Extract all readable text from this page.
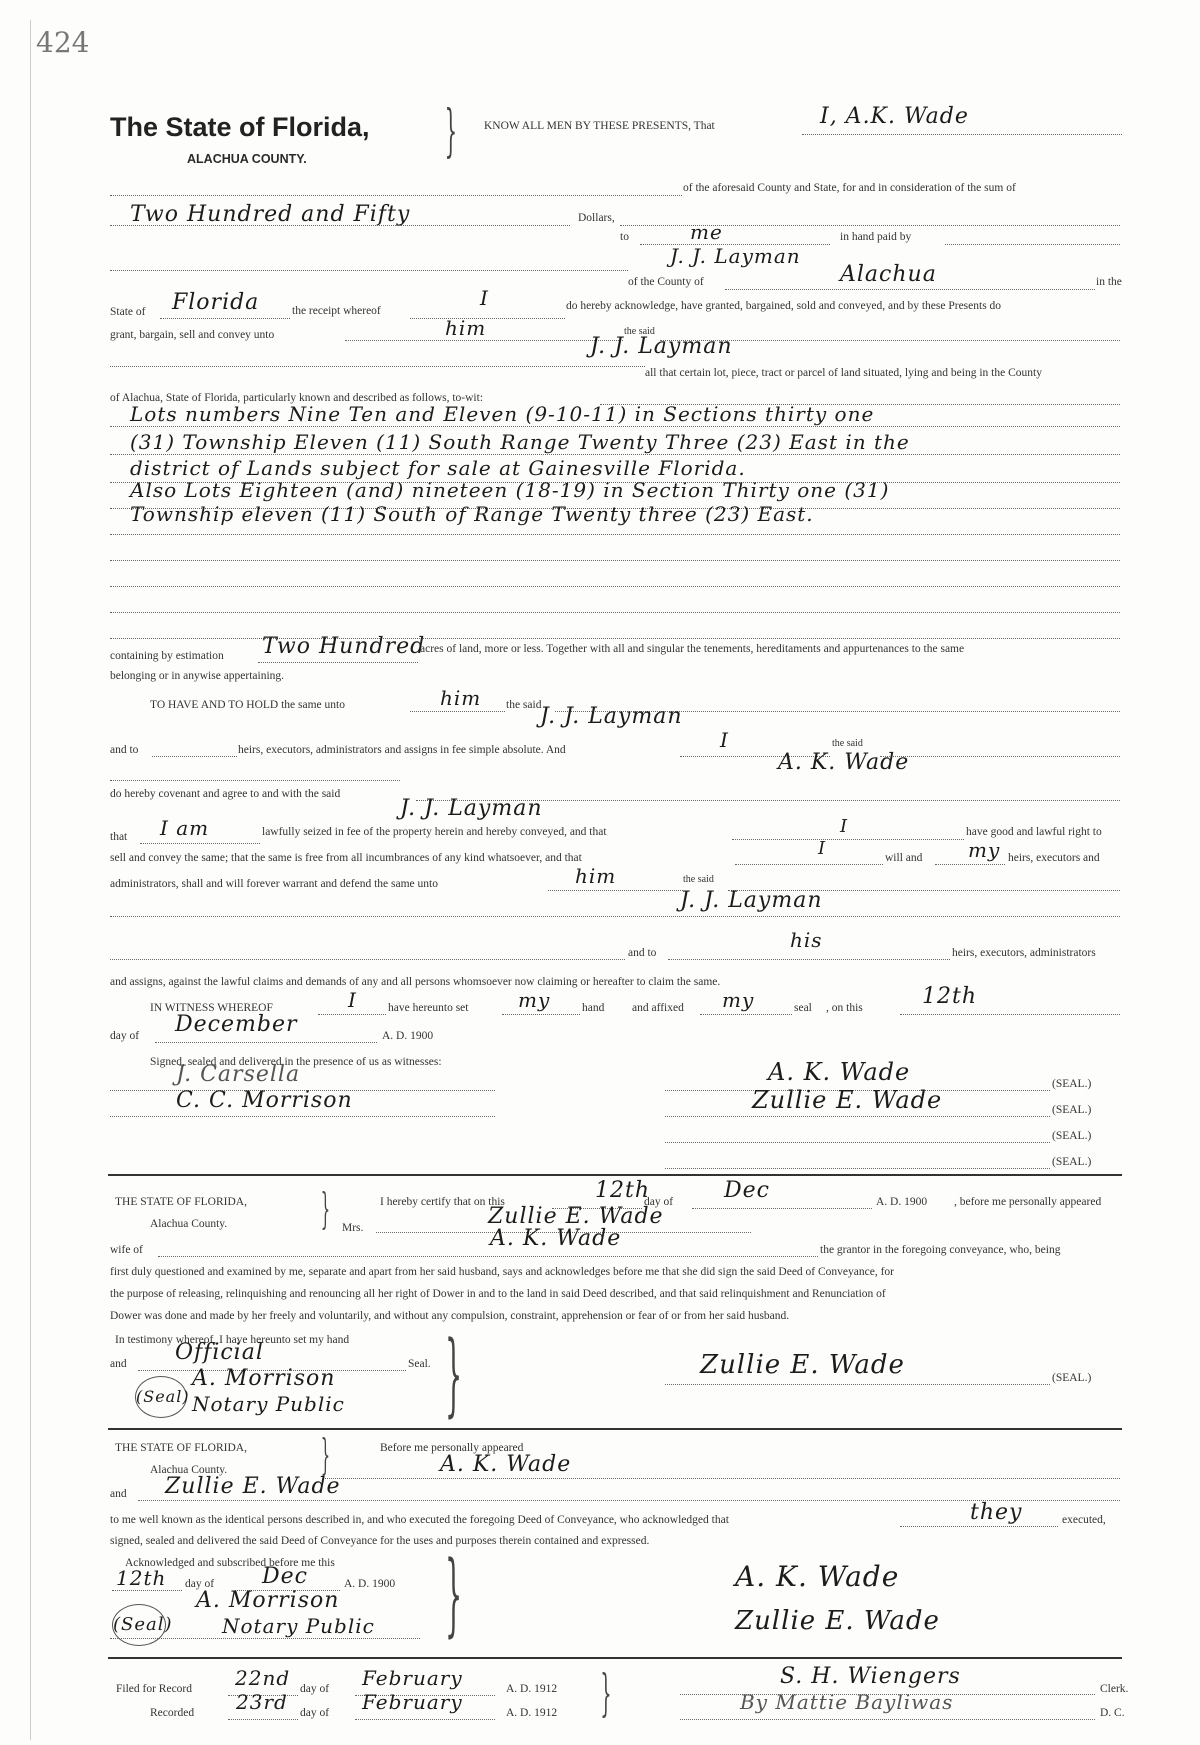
424
The State of Florida,
ALACHUA COUNTY. } KNOW ALL MEN BY THESE PRESENTS, That	I, A.K. Wade
of the aforesaid County and State, for and in consideration of the sum of
Two Hundred and Fifty	Dollars,
to	me	in hand paid by
J. J. Layman
of the County of	Alachua	in the
State of Florida	the receipt whereof
I	do hereby acknowledge, have granted, bargained, sold and conveyed, and by these Presents do
grant, bargain, sell and convey unto	him	the said
J. J. Layman
all that certain lot, piece, tract or parcel of land situated, lying and being in the County
of Alachua, State of Florida, particularly known and described as follows, to-wit:
Lots numbers Nine Ten and Eleven (9-10-11) in Sections thirty one
(31) Township Eleven (11) South Range Twenty Three (23) East in the
district of Lands subject for sale at Gainesville Florida.
Also Lots Eighteen (and) nineteen (18-19) in Section Thirty one (31)
Township eleven (11) South of Range Twenty three (23) East.
containing by estimation Two Hundred
acres of land, more or less. Together with all and singular the tenements, hereditaments and appurtenances to the same
belonging or in anywise appertaining.
TO HAVE AND TO HOLD the same unto	him the said
J. J. Layman
and to	heirs, executors, administrators and assigns in fee simple absolute. And	I	the said
A. K. Wade
do hereby covenant and agree to and with the said
J. J. Layman
that I am	lawfully seized in fee of the property herein and hereby conveyed, and that	I	have good and lawful right to
sell and convey the same; that the same is free from all incumbrances of any kind whatsoever, and that	I	will and my heirs, executors and
administrators, shall and will forever warrant and defend the same unto	him	the said
J. J. Layman
and to
his
heirs, executors, administrators
and assigns, against the lawful claims and demands of any and all persons whomsoever now claiming or hereafter to claim the same.
IN WITNESS WHEREOF	I	have hereunto set my	hand and affixed my	seal , on this	12th
day of December	A. D. 1900
Signed, sealed and delivered in the presence of us as witnesses:
J. Carsella
C. C. Morrison
A. K. Wade	(SEAL.)
Zullie E. Wade	(SEAL.)
(SEAL.)
(SEAL.)
THE STATE OF FLORIDA, }
Alachua County.
I hereby certify that on this	12th
day of Dec	A. D. 1900 , before me personally appeared
Mrs.	Zullie E. Wade
wife of	A. K. Wade	the grantor in the foregoing conveyance, who, being
first duly questioned and examined by me, separate and apart from her said husband, says and acknowledges before me that she did sign the said Deed of Conveyance, for
the purpose of releasing, relinquishing and renouncing all her right of Dower in and to the land in said Deed described, and that said relinquishment and Renunciation of
Dower was done and made by her freely and voluntarily, and without any compulsion, constraint, apprehension or fear of or from her said husband.
In testimony whereof, I have hereunto set my hand
and Official	Seal. }
(Seal)
A. Morrison
Notary Public
Zullie E. Wade	(SEAL.)
THE STATE OF FLORIDA, }
Alachua County.
Before me personally appeared
A. K. Wade
and Zullie E. Wade
to me well known as the identical persons described in, and who executed the foregoing Deed of Conveyance, who acknowledged that	they	executed,
signed, sealed and delivered the said Deed of Conveyance for the uses and purposes therein contained and expressed.
Acknowledged and subscribed before me this
12th day of Dec	A. D. 1900 }
(Seal)
A. Morrison
Notary Public
A. K. Wade
Zullie E. Wade
Filed for Record 22nd day of February	A. D. 1912
Recorded 23rd day of February	A. D. 1912 }	S. H. Wiengers	Clerk.
By Mattie Bayliwas	D. C.
